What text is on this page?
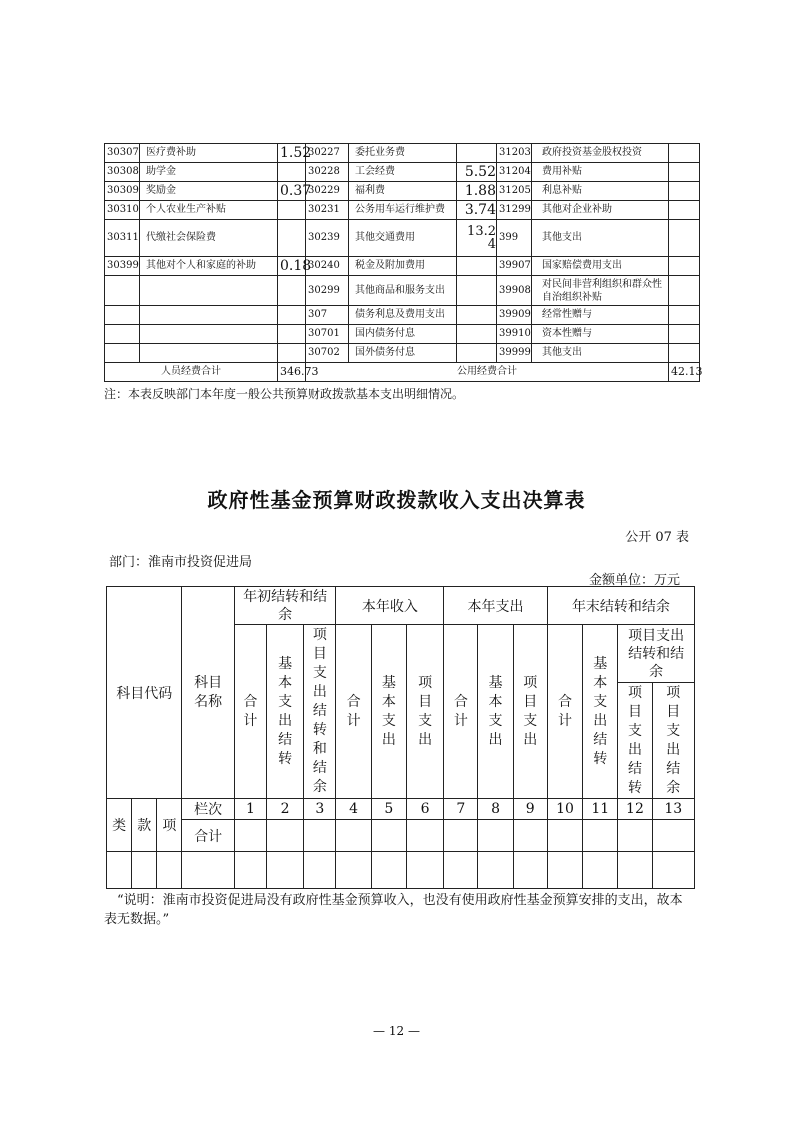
30307	医疗费补助	1.52	30227	委托业务费		31203	政府投资基金股权投资	
30308	助学金		30228	工会经费	5.52	31204	费用补贴	
30309	奖励金	0.37	30229	福利费	1.88	31205	利息补贴	
30310	个人农业生产补贴		30231	公务用车运行维护费	3.74	31299	其他对企业补助	
30311	代缴社会保险费		30239	其他交通费用	13.24	399	其他支出	
30399	其他对个人和家庭的补助	0.18	30240	税金及附加费用		39907	国家赔偿费用支出	
			30299	其他商品和服务支出		39908	对民间非营利组织和群众性自治组织补贴	
			307	债务利息及费用支出		39909	经常性赠与	
			30701	国内债务付息		39910	资本性赠与	
			30702	国外债务付息		39999	其他支出	
人员经费合计		346.73	公用经费合计					42.13
注：本表反映部门本年度一般公共预算财政拨款基本支出明细情况。
政府性基金预算财政拨款收入支出决算表
公开 07 表
部门：淮南市投资促进局
金额单位：万元
科目代码			科目名称	年初结转和结余			本年收入			本年支出			年末结转和结余			
				合计	基本支出结转	项目支出结转和结余	合计	基本支出	项目支出	合计	基本支出	项目支出	合计	基本支出结转	项目支出结转和结余	
															项目支出结转	项目支出结余
类	款	项	栏次	1	2	3	4	5	6	7	8	9	10	11	12	13
			合计													

“说明：淮南市投资促进局没有政府性基金预算收入，也没有使用政府性基金预算安排的支出，故本表无数据。”
— 12 —
